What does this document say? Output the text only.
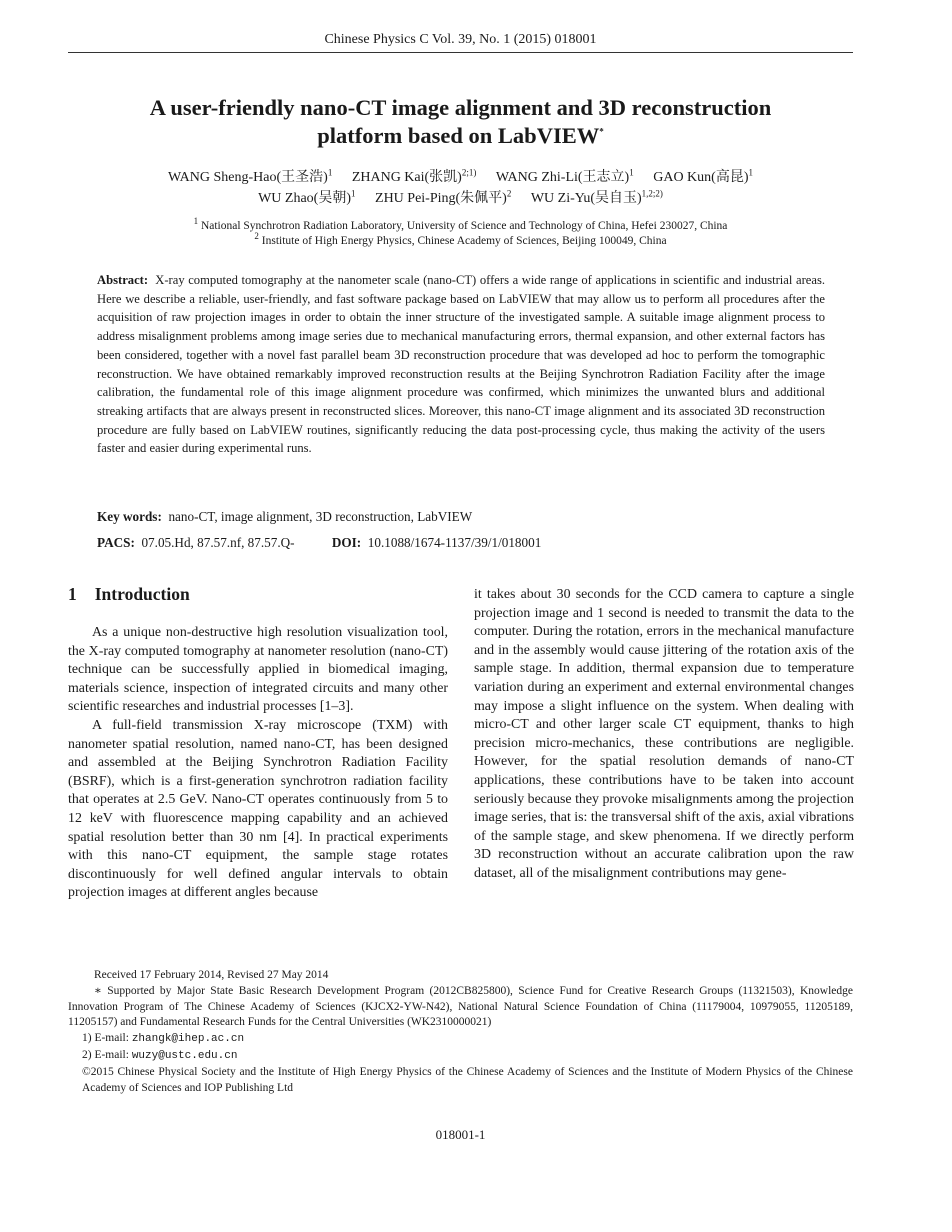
Chinese Physics C Vol. 39, No. 1 (2015) 018001
A user-friendly nano-CT image alignment and 3D reconstruction
platform based on LabVIEW*
WANG Sheng-Hao(王圣浩)$^1$ ZHANG Kai(张凯)$^{2;1)}$ WANG Zhi-Li(王志立)$^1$ GAO Kun(高昆)$^1$
WU Zhao(吴朝)$^1$ ZHU Pei-Ping(朱佩平)$^2$ WU Zi-Yu(吴自玉)$^{1,2;2)}$
$^1$ National Synchrotron Radiation Laboratory, University of Science and Technology of China, Hefei 230027, China
$^2$ Institute of High Energy Physics, Chinese Academy of Sciences, Beijing 100049, China
Abstract: X-ray computed tomography at the nanometer scale (nano-CT) offers a wide range of applications in scientific and industrial areas. Here we describe a reliable, user-friendly, and fast software package based on LabVIEW that may allow us to perform all procedures after the acquisition of raw projection images in order to obtain the inner structure of the investigated sample. A suitable image alignment process to address misalignment problems among image series due to mechanical manufacturing errors, thermal expansion, and other external factors has been considered, together with a novel fast parallel beam 3D reconstruction procedure that was developed ad hoc to perform the tomographic reconstruction. We have obtained remarkably improved reconstruction results at the Beijing Synchrotron Radiation Facility after the image calibration, the fundamental role of this image alignment procedure was confirmed, which minimizes the unwanted blurs and additional streaking artifacts that are always present in reconstructed slices. Moreover, this nano-CT image alignment and its associated 3D reconstruction procedure are fully based on LabVIEW routines, significantly reducing the data post-processing cycle, thus making the activity of the users faster and easier during experimental runs.
Key words: nano-CT, image alignment, 3D reconstruction, LabVIEW
PACS: 07.05.Hd, 87.57.nf, 87.57.Q-	DOI: 10.1088/1674-1137/39/1/018001
1 Introduction

As a unique non-destructive high resolution visualization tool, the X-ray computed tomography at nanometer resolution (nano-CT) technique can be successfully applied in biomedical imaging, materials science, inspection of integrated circuits and many other scientific researches and industrial processes [1–3].

A full-field transmission X-ray microscope (TXM) with nanometer spatial resolution, named nano-CT, has been designed and assembled at the Beijing Synchrotron Radiation Facility (BSRF), which is a first-generation synchrotron radiation facility that operates at 2.5 GeV. Nano-CT operates continuously from 5 to 12 keV with fluorescence mapping capability and an achieved spatial resolution better than 30 nm [4]. In practical experiments with this nano-CT equipment, the sample stage rotates discontinuously for well defined angular intervals to obtain projection images at different angles because

it takes about 30 seconds for the CCD camera to capture a single projection image and 1 second is needed to transmit the data to the computer. During the rotation, errors in the mechanical manufacture and in the assembly would cause jittering of the rotation axis of the sample stage. In addition, thermal expansion due to temperature variation during an experiment and external environmental changes may impose a slight influence on the system. When dealing with micro-CT and other larger scale CT equipment, thanks to high precision micro-mechanics, these contributions are negligible. However, for the spatial resolution demands of nano-CT applications, these contributions have to be taken into account seriously because they provoke misalignments among the projection image series, that is: the transversal shift of the axis, axial vibrations of the sample stage, and skew phenomena. If we directly perform 3D reconstruction without an accurate calibration upon the raw dataset, all of the misalignment contributions may gene-

Received 17 February 2014, Revised 27 May 2014
∗ Supported by Major State Basic Research Development Program (2012CB825800), Science Fund for Creative Research Groups (11321503), Knowledge Innovation Program of The Chinese Academy of Sciences (KJCX2-YW-N42), National Natural Science Foundation of China (11179004, 10979055, 11205189, 11205157) and Fundamental Research Funds for the Central Universities (WK2310000021)
1) E-mail: zhangk@ihep.ac.cn
2) E-mail: wuzy@ustc.edu.cn
©2015 Chinese Physical Society and the Institute of High Energy Physics of the Chinese Academy of Sciences and the Institute of Modern Physics of the Chinese Academy of Sciences and IOP Publishing Ltd
018001-1
